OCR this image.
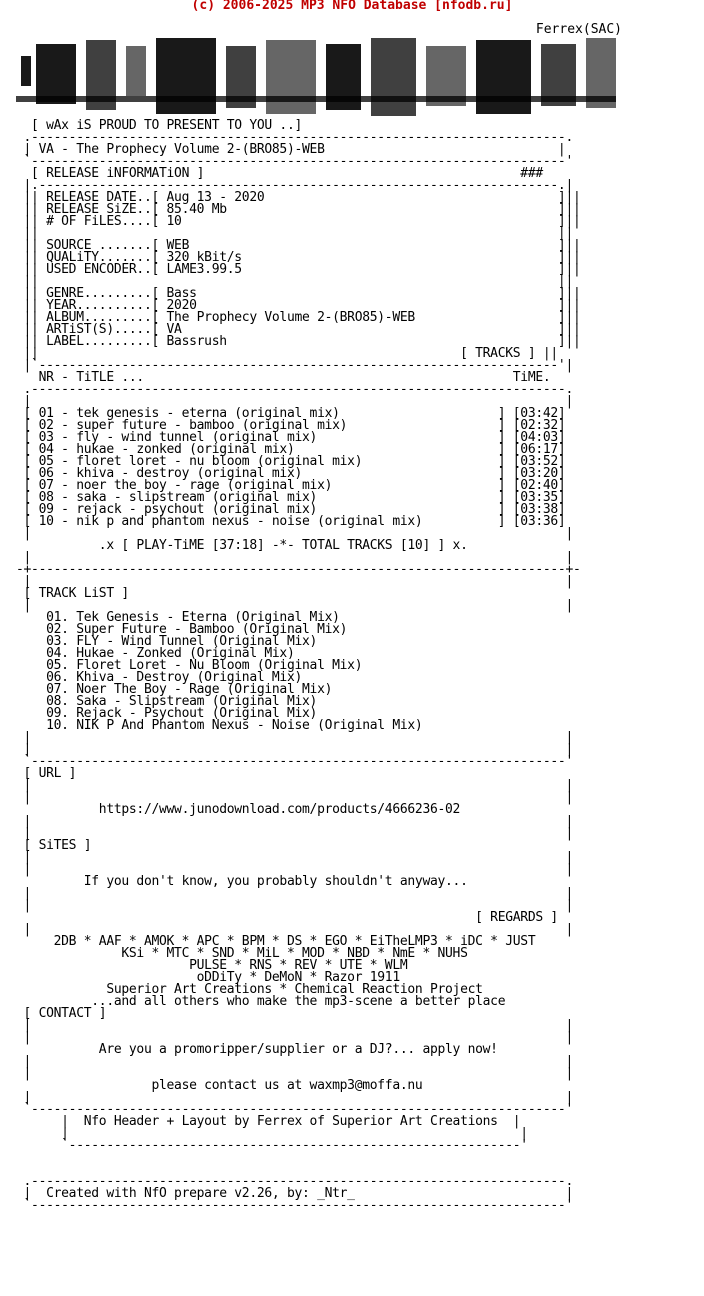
(c) 2006-2025 MP3 NFO Database [nfodb.ru]
Ferrex(SAC)

[ wAx iS PROUD TO PRESENT TO YOU ..]
.-----------------------------------------------------------------------.
| VA - The Prophecy Volume 2-(BRO85)-WEB                               |
`-----------------------------------------------------------------------'
[ RELEASE iNFORMATiON ]                                          ###
|.---------------------------------------------------------------------.|
|| RELEASE DATE..[ Aug 13 - 2020                                       ]||
|| RELEASE SiZE..[ 85.40 Mb                                            ]||
|| # OF FiLES....[ 10                                                  ]||
||                                                                     ||
|| SOURCE .......[ WEB                                                 ]||
|| QUALiTY.......[ 320 kBit/s                                          ]||
|| USED ENCODER..[ LAME3.99.5                                          ]||
||                                                                     ||
|| GENRE.........[ Bass                                                ]||
|| YEAR..........[ 2020                                                ]||
|| ALBUM.........[ The Prophecy Volume 2-(BRO85)-WEB                   ]||
|| ARTiST(S).....[ VA                                                  ]||
|| LABEL.........[ Bassrush                                            ]||
||                                                        [ TRACKS ] ||
|`---------------------------------------------------------------------'|
NR - TiTLE ...                                                 TiME.
.-----------------------------------------------------------------------.
|                                                                       |
[ 01 - tek genesis - eterna (original mix)                     ] [03:42]
[ 02 - super future - bamboo (original mix)                    ] [02:32]
[ 03 - fly - wind tunnel (original mix)                        ] [04:03]
[ 04 - hukae - zonked (original mix)                           ] [06:17]
[ 05 - floret loret - nu bloom (original mix)                  ] [03:52]
[ 06 - khiva - destroy (original mix)                          ] [03:20]
[ 07 - noer the boy - rage (original mix)                      ] [02:40]
[ 08 - saka - slipstream (original mix)                        ] [03:35]
[ 09 - rejack - psychout (original mix)                        ] [03:38]
[ 10 - nik p and phantom nexus - noise (original mix)          ] [03:36]
|                                                                       |
.x [ PLAY-TiME [37:18] -*- TOTAL TRACKS [10] ] x.
|                                                                       |
-+-----------------------------------------------------------------------+-
|                                                                       |
[ TRACK LiST ]
|                                                                       |
01. Tek Genesis - Eterna (Original Mix)
02. Super Future - Bamboo (Original Mix)
03. FLY - Wind Tunnel (Original Mix)
04. Hukae - Zonked (Original Mix)
05. Floret Loret - Nu Bloom (Original Mix)
06. Khiva - Destroy (Original Mix)
07. Noer The Boy - Rage (Original Mix)
08. Saka - Slipstream (Original Mix)
09. Rejack - Psychout (Original Mix)
10. NIK P And Phantom Nexus - Noise (Original Mix)
|                                                                       |
|                                                                       |
`-----------------------------------------------------------------------'
[ URL ]
|                                                                       |
|                                                                       |
https://www.junodownload.com/products/4666236-02
|                                                                       |
|                                                                       |
[ SiTES ]
|                                                                       |
|                                                                       |
If you don't know, you probably shouldn't anyway...
|                                                                       |
|                                                                       |
[ REGARDS ]
|                                                                       |
2DB * AAF * AMOK * APC * BPM * DS * EGO * EiTheLMP3 * iDC * JUST
KSi * MTC * SND * MiL * MOD * NBD * NmE * NUHS
PULSE * RNS * REV * UTE * WLM
oDDiTy * DeMoN * Razor 1911
Superior Art Creations * Chemical Reaction Project
...and all others who make the mp3-scene a better place
[ CONTACT ]
|                                                                       |
|                                                                       |
Are you a promoripper/supplier or a DJ?... apply now!
|                                                                       |
|                                                                       |
please contact us at waxmp3@moffa.nu
|                                                                       |
`-----------------------------------------------------------------------'
|  Nfo Header + Layout by Ferrex of Superior Art Creations  |
|                                                            |
`------------------------------------------------------------'

.-----------------------------------------------------------------------.
|  Created with NfO prepare v2.26, by: _Ntr_                            |
`-----------------------------------------------------------------------'
